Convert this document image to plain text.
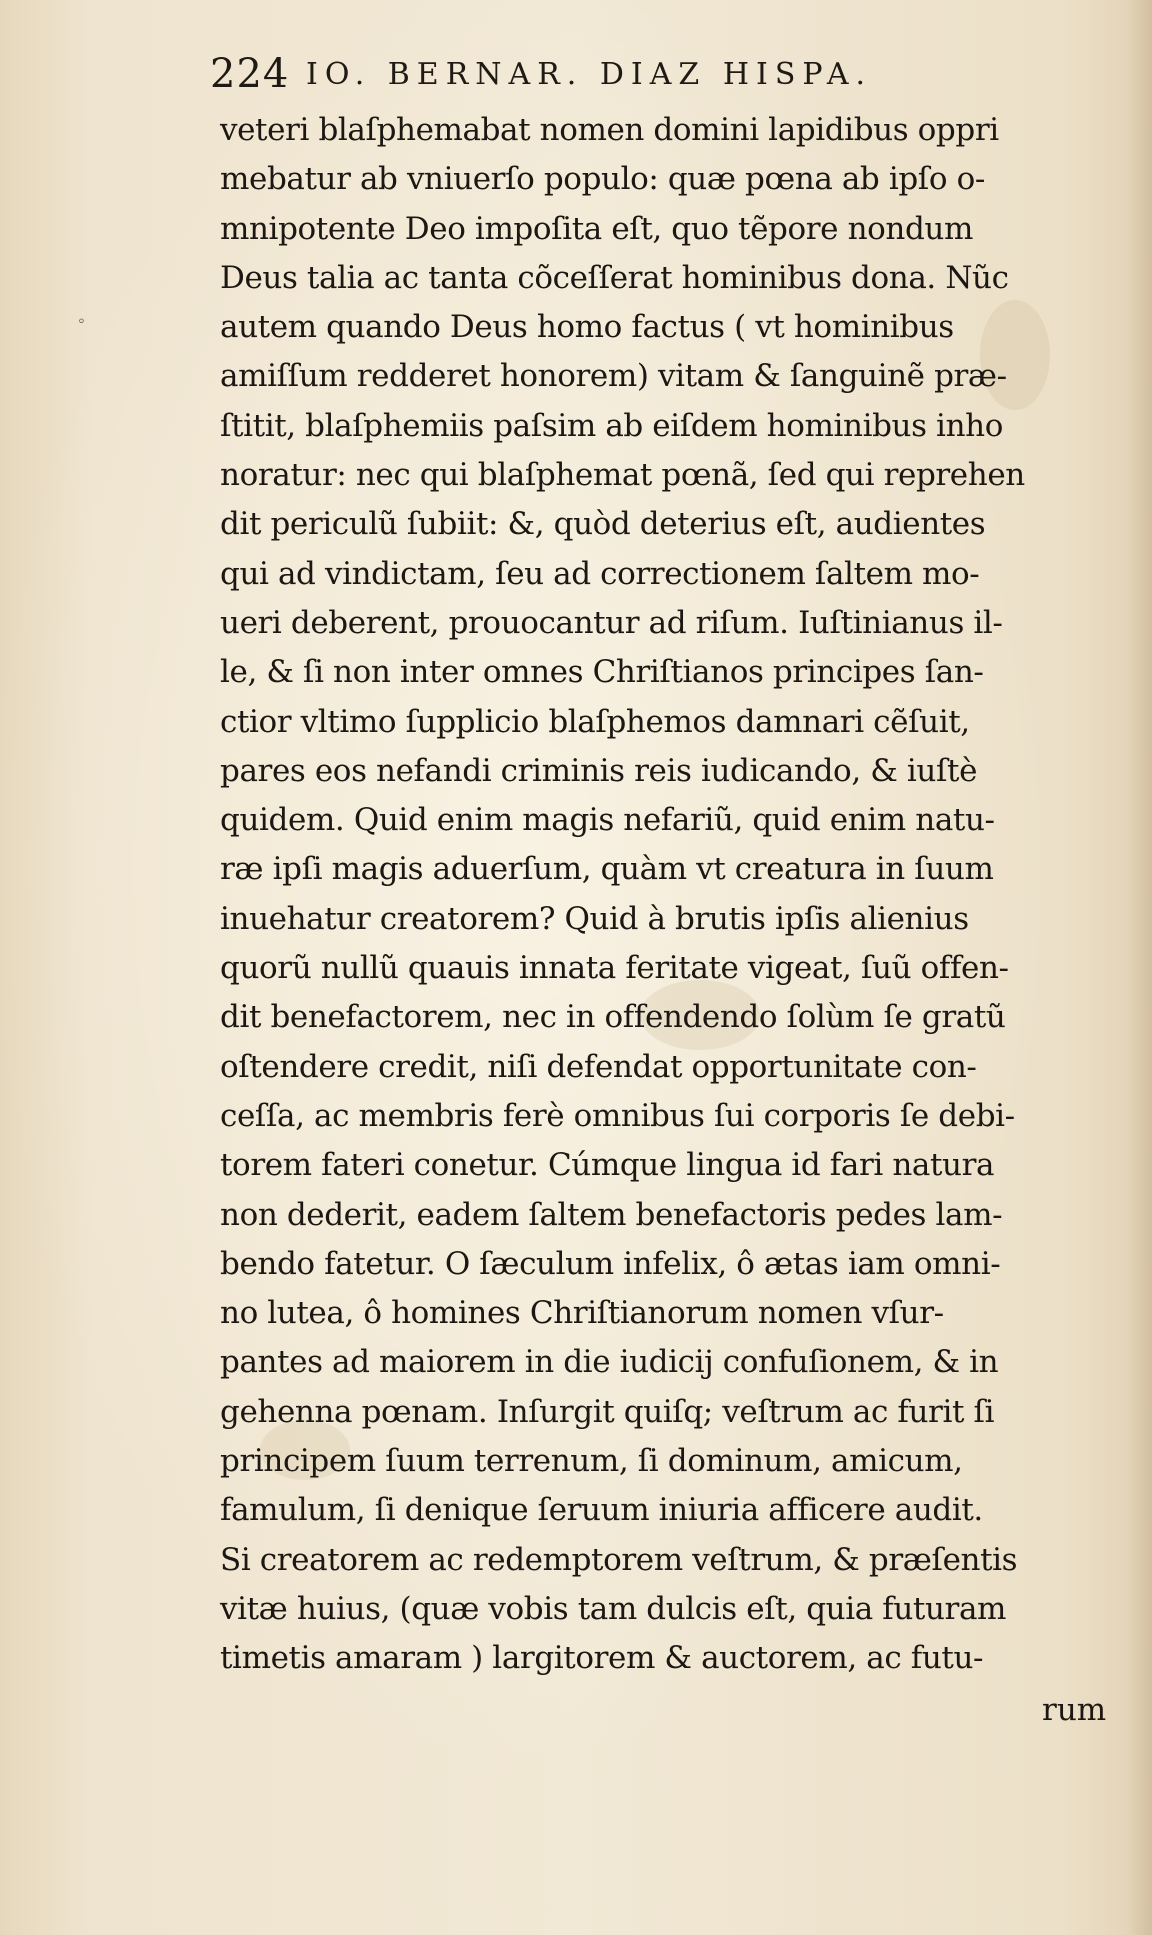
⸰
224 IO. BERNAR. DIAZ HISPA.
veteri blaſphemabat nomen domini lapidibus oppri
mebatur ab vniuerſo populo: quæ pœna ab ipſo o-
mnipotente Deo impoſita eſt, quo tẽpore nondum
Deus talia ac tanta cõceſſerat hominibus dona. Nũc
autem quando Deus homo factus ( vt hominibus
amiſſum redderet honorem) vitam & ſanguinẽ præ-
ſtitit, blaſphemiis paſsim ab eiſdem hominibus inho
noratur: nec qui blaſphemat pœnã, ſed qui reprehen
dit periculũ ſubiit: &, quòd deterius eſt, audientes
qui ad vindictam, ſeu ad correctionem ſaltem mo-
ueri deberent, prouocantur ad riſum. Iuſtinianus il-
le, & ſi non inter omnes Chriſtianos principes ſan-
ctior vltimo ſupplicio blaſphemos damnari cẽſuit,
pares eos nefandi criminis reis iudicando, & iuſtè
quidem. Quid enim magis nefariũ, quid enim natu-
ræ ipſi magis aduerſum, quàm vt creatura in ſuum
inuehatur creatorem? Quid à brutis ipſis alienius
quorũ nullũ quauis innata feritate vigeat, ſuũ offen-
dit benefactorem, nec in offendendo ſolùm ſe gratũ
oſtendere credit, niſi defendat opportunitate con-
ceſſa, ac membris ferè omnibus ſui corporis ſe debi-
torem fateri conetur. Cúmque lingua id fari natura
non dederit, eadem ſaltem benefactoris pedes lam-
bendo fatetur. O ſæculum infelix, ô ætas iam omni-
no lutea, ô homines Chriſtianorum nomen vſur-
pantes ad maiorem in die iudicij confuſionem, & in
gehenna pœnam. Inſurgit quiſq; veſtrum ac furit ſi
principem ſuum terrenum, ſi dominum, amicum,
famulum, ſi denique ſeruum iniuria afficere audit.
Si creatorem ac redemptorem veſtrum, & præſentis
vitæ huius, (quæ vobis tam dulcis eſt, quia futuram
timetis amaram ) largitorem & auctorem, ac futu-
rum
